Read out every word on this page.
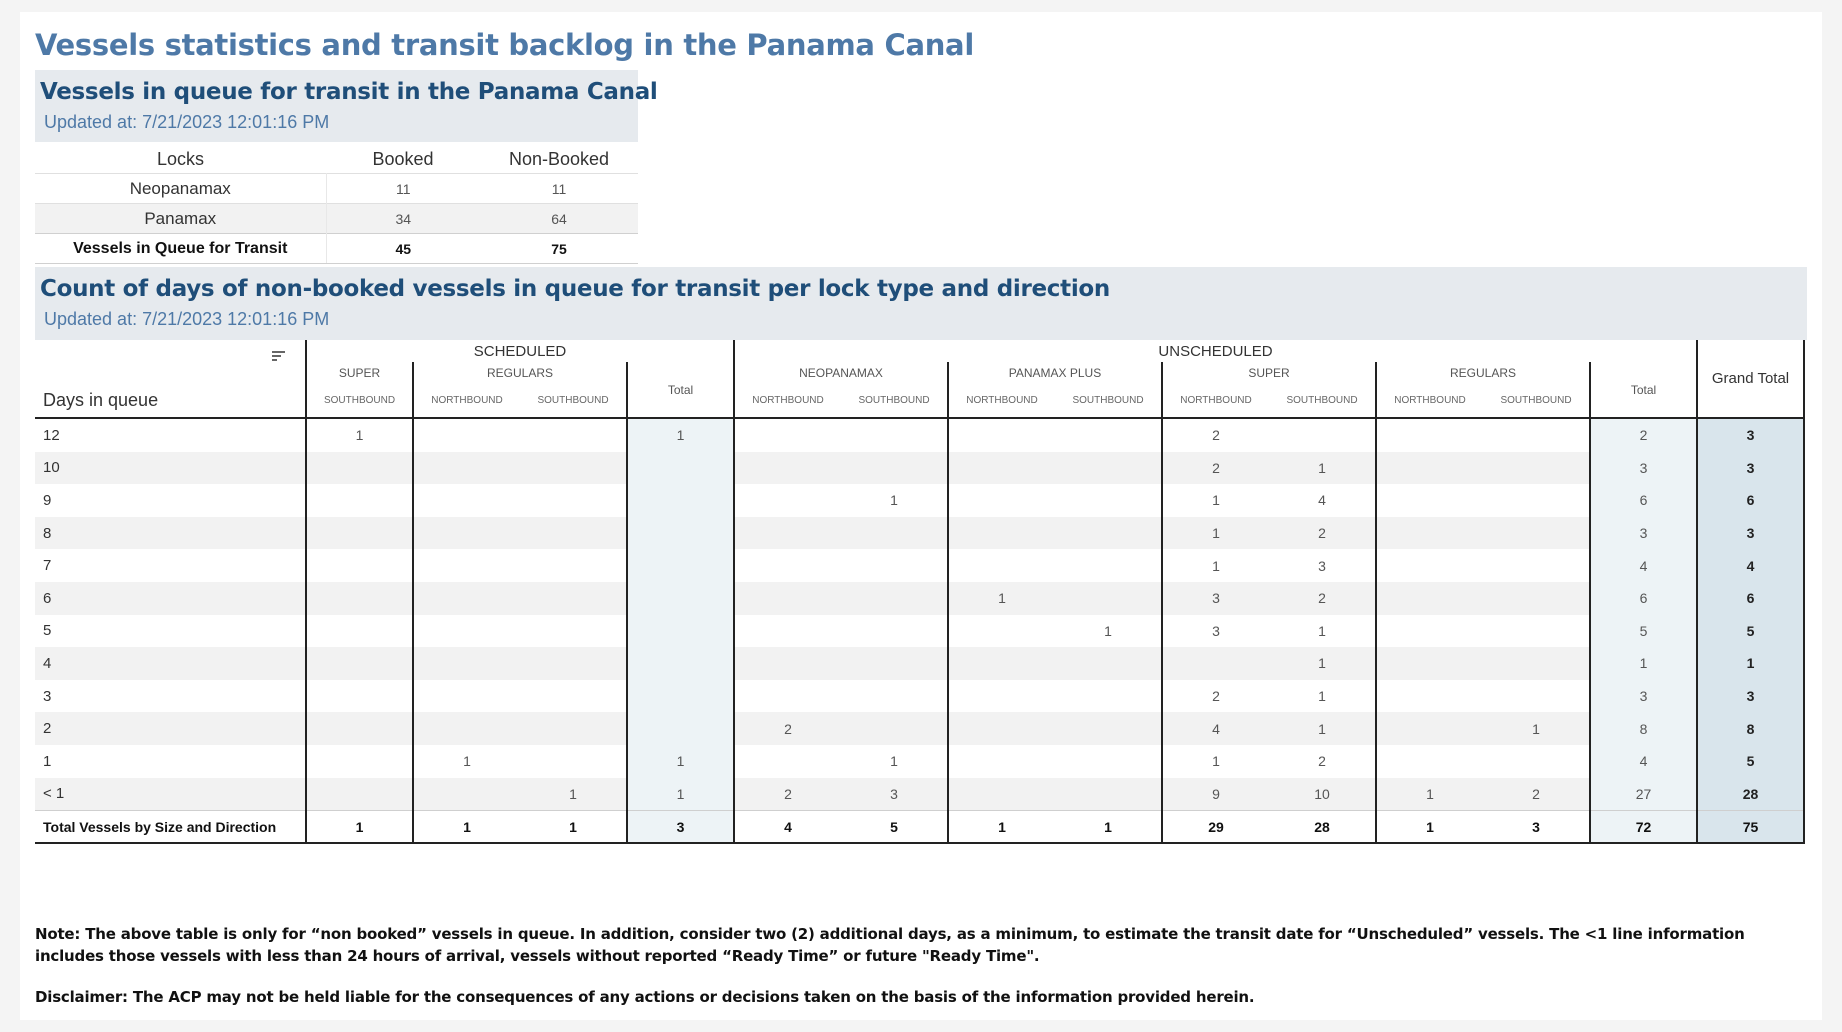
Vessels statistics and transit backlog in the Panama Canal
Vessels in queue for transit in the Panama Canal
Updated at: 7/21/2023 12:01:16 PM
Locks	Booked	Non-Booked
Neopanamax	11	11
Panamax	34	64
Vessels in Queue for Transit	45	75
Count of days of non-booked vessels in queue for transit per lock type and direction
Updated at: 7/21/2023 12:01:16 PM
Days in queue	SCHEDULED				UNSCHEDULED									Grand Total
	SUPER	REGULARS		Total	NEOPANAMAX		PANAMAX PLUS		SUPER		REGULARS		Total	
	SOUTHBOUND	NORTHBOUND	SOUTHBOUND		NORTHBOUND	SOUTHBOUND	NORTHBOUND	SOUTHBOUND	NORTHBOUND	SOUTHBOUND	NORTHBOUND	SOUTHBOUND		
12	1			1					2				2	3
10									2	1			3	3
9						1			1	4			6	6
8									1	2			3	3
7									1	3			4	4
6							1		3	2			6	6
5								1	3	1			5	5
4										1			1	1
3									2	1			3	3
2					2				4	1		1	8	8
1		1		1		1			1	2			4	5
< 1			1	1	2	3			9	10	1	2	27	28
Total Vessels by Size and Direction	1	1	1	3	4	5	1	1	29	28	1	3	72	75
Note: The above table is only for “non booked” vessels in queue. In addition, consider two (2) additional days, as a minimum, to estimate the transit date for “Unscheduled” vessels. The <1 line information includes those vessels with less than 24 hours of arrival, vessels without reported “Ready Time” or future "Ready Time".
Disclaimer: The ACP may not be held liable for the consequences of any actions or decisions taken on the basis of the information provided herein.
